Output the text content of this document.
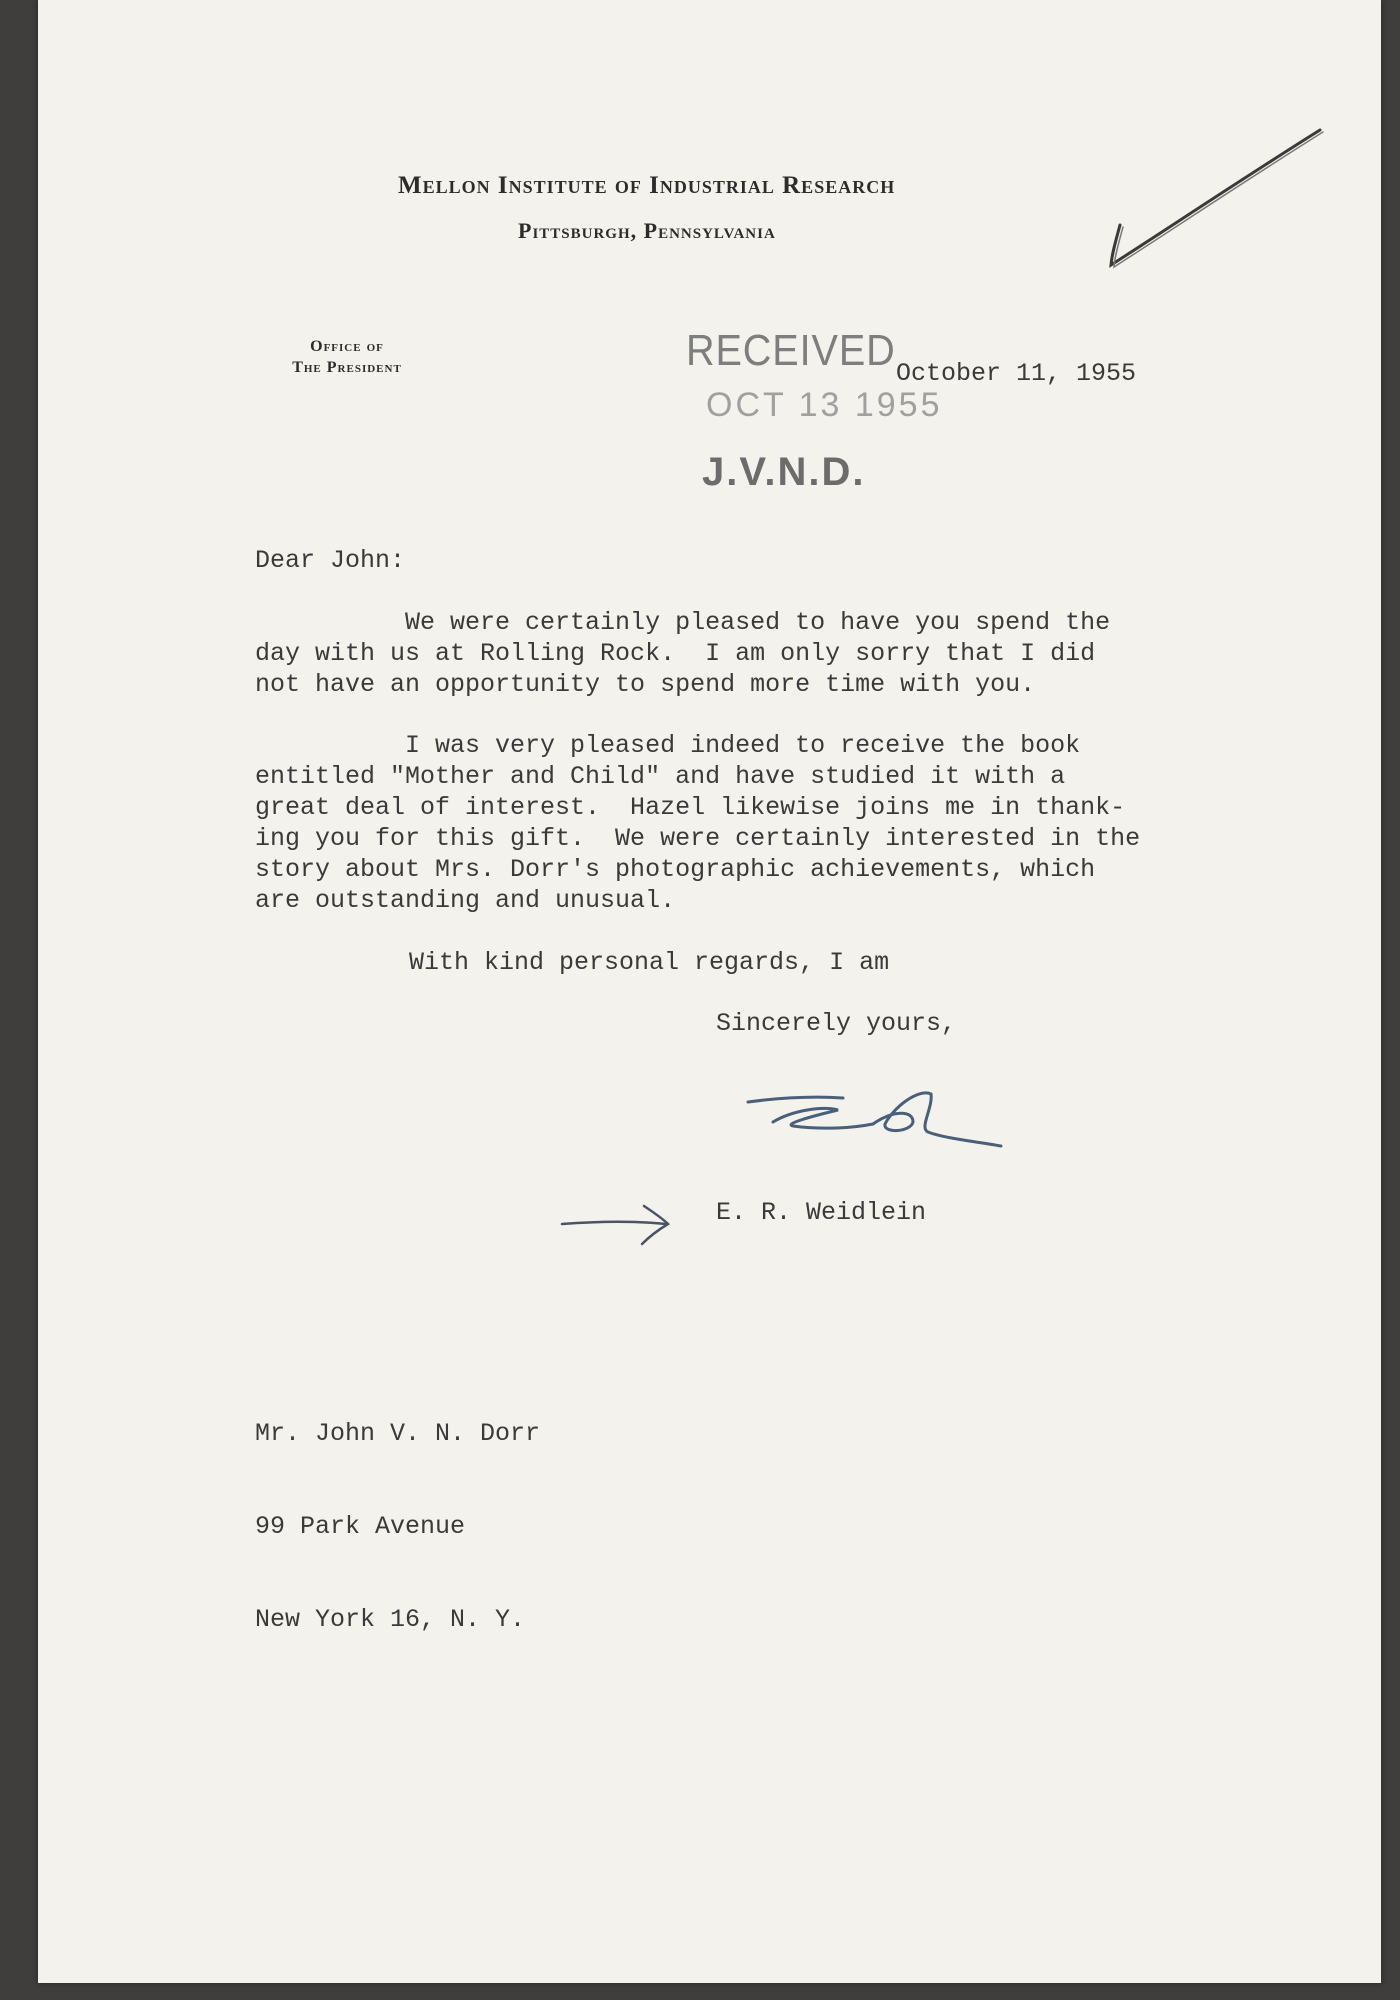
Mellon Institute of Industrial Research
Pittsburgh, Pennsylvania
Office of
The President	RECEIVED
OCT 13 1955
J.V.N.D.
October 11, 1955
Dear John:
We were certainly pleased to have you spend the
day with us at Rolling Rock.  I am only sorry that I did
not have an opportunity to spend more time with you.
I was very pleased indeed to receive the book
entitled "Mother and Child" and have studied it with a
great deal of interest.  Hazel likewise joins me in thank-
ing you for this gift.  We were certainly interested in the
story about Mrs. Dorr's photographic achievements, which
are outstanding and unusual.
With kind personal regards, I am
Sincerely yours,
E. R. Weidlein

Mr. John V. N. Dorr

99 Park Avenue

New York 16, N. Y.
